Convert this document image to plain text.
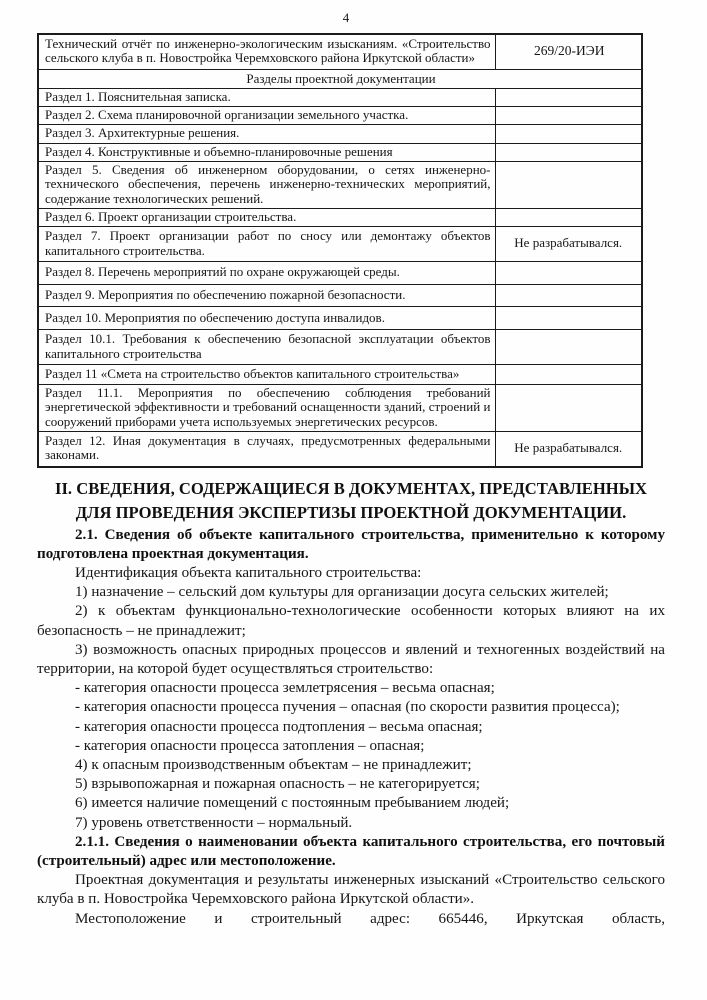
4
Технический отчёт по инженерно-экологическим изысканиям. «Строительство сельского клуба в п. Новостройка Черемховского района Иркутской области»	269/20-ИЭИ
Разделы проектной документации	
Раздел 1. Пояснительная записка.	
Раздел 2. Схема планировочной организации земельного участка.	
Раздел 3. Архитектурные решения.	
Раздел 4. Конструктивные и объемно-планировочные решения	
Раздел 5. Сведения об инженерном оборудовании, о сетях инженерно-технического обеспечения, перечень инженерно-технических мероприятий, содержание технологических решений.	
Раздел 6. Проект организации строительства.	
Раздел 7. Проект организации работ по сносу или демонтажу объектов капитального строительства.	Не разрабатывался.
Раздел 8. Перечень мероприятий по охране окружающей среды.	
Раздел 9. Мероприятия по обеспечению пожарной безопасности.	
Раздел 10. Мероприятия по обеспечению доступа инвалидов.	
Раздел 10.1. Требования к обеспечению безопасной эксплуатации объектов капитального строительства	
Раздел 11 «Смета на строительство объектов капитального строительства»	
Раздел 11.1. Мероприятия по обеспечению соблюдения требований энергетической эффективности и требований оснащенности зданий, строений и сооружений приборами учета используемых энергетических ресурсов.	
Раздел 12. Иная документация в случаях, предусмотренных федеральными законами.	Не разрабатывался.
II. СВЕДЕНИЯ, СОДЕРЖАЩИЕСЯ В ДОКУМЕНТАХ, ПРЕДСТАВЛЕННЫХ ДЛЯ ПРОВЕДЕНИЯ ЭКСПЕРТИЗЫ ПРОЕКТНОЙ ДОКУМЕНТАЦИИ.

2.1. Сведения об объекте капитального строительства, применительно к которому подготовлена проектная документация.

Идентификация объекта капитального строительства:

1) назначение – сельский дом культуры для организации досуга сельских жителей;

2) к объектам функционально-технологические особенности которых влияют на их безопасность – не принадлежит;

3) возможность опасных природных процессов и явлений и техногенных воздействий на территории, на которой будет осуществляться строительство:

- категория опасности процесса землетрясения – весьма опасная;

- категория опасности процесса пучения – опасная (по скорости развития процесса);

- категория опасности процесса подтопления – весьма опасная;

- категория опасности процесса затопления – опасная;

4) к опасным производственным объектам – не принадлежит;

5) взрывопожарная и пожарная опасность – не категорируется;

6) имеется наличие помещений с постоянным пребыванием людей;

7) уровень ответственности – нормальный.

2.1.1. Сведения о наименовании объекта капитального строительства, его почтовый (строительный) адрес или местоположение.

Проектная документация и результаты инженерных изысканий «Строительство сельского клуба в п. Новостройка Черемховского района Иркутской области».

Местоположение и строительный адрес: 665446, Иркутская область,
